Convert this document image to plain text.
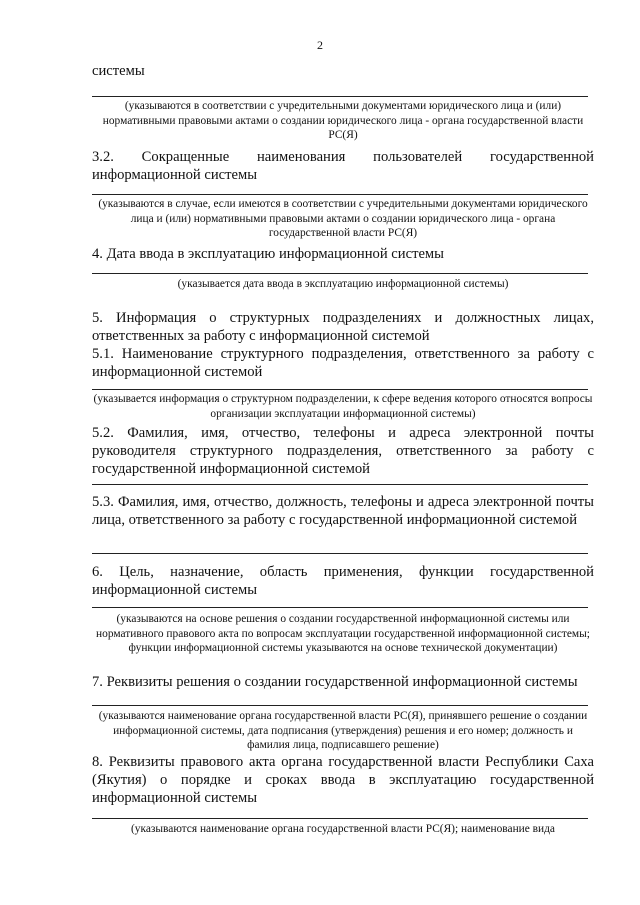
2
системы
(указываются в соответствии с учредительными документами юридического лица и (или) нормативными правовыми актами о создании юридического лица - органа государственной власти РС(Я)
3.2. Сокращенные наименования пользователей государственной
информационной системы
(указываются в случае, если имеются в соответствии с учредительными документами юридического лица и (или) нормативными правовыми актами о создании юридического лица - органа государственной власти РС(Я)
4. Дата ввода в эксплуатацию информационной системы
(указывается дата ввода в эксплуатацию информационной системы)
5. Информация о структурных подразделениях и должностных лицах, ответственных за работу с информационной системой
5.1. Наименование структурного подразделения, ответственного за работу с информационной системой
(указывается информация о структурном подразделении, к сфере ведения которого относятся вопросы организации эксплуатации информационной системы)
5.2. Фамилия, имя, отчество, телефоны и адреса электронной почты руководителя структурного подразделения, ответственного за работу с государственной информационной системой
5.3. Фамилия, имя, отчество, должность, телефоны и адреса электронной почты лица, ответственного за работу с государственной информационной системой
6. Цель, назначение, область применения, функции государственной информационной системы
(указываются на основе решения о создании государственной информационной системы или нормативного правового акта по вопросам эксплуатации государственной информационной системы; функции информационной системы указываются на основе технической документации)
7. Реквизиты решения о создании государственной информационной системы
(указываются наименование органа государственной власти РС(Я), принявшего решение о создании информационной системы, дата подписания (утверждения) решения и его номер; должность и фамилия лица, подписавшего решение)
8. Реквизиты правового акта органа государственной власти Республики Саха (Якутия) о порядке и сроках ввода в эксплуатацию государственной информационной системы
(указываются наименование органа государственной власти РС(Я); наименование вида
